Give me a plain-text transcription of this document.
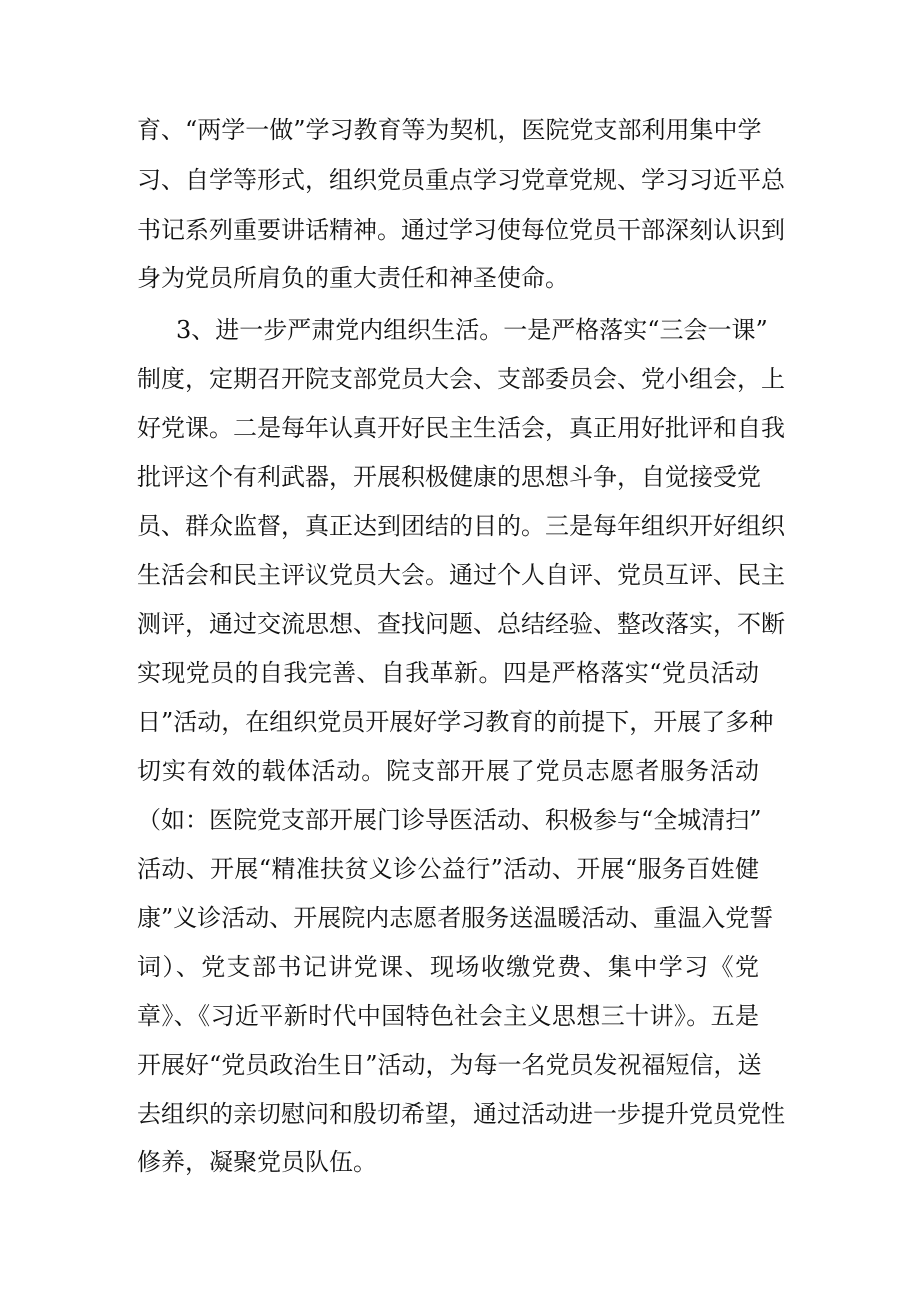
育、“两学一做”学习教育等为契机，医院党支部利用集中学
习、自学等形式，组织党员重点学习党章党规、学习习近平总
书记系列重要讲话精神。通过学习使每位党员干部深刻认识到
身为党员所肩负的重大责任和神圣使命。
3、进一步严肃党内组织生活。一是严格落实“三会一课”
制度，定期召开院支部党员大会、支部委员会、党小组会，上
好党课。二是每年认真开好民主生活会，真正用好批评和自我
批评这个有利武器，开展积极健康的思想斗争，自觉接受党
员、群众监督，真正达到团结的目的。三是每年组织开好组织
生活会和民主评议党员大会。通过个人自评、党员互评、民主
测评，通过交流思想、查找问题、总结经验、整改落实，不断
实现党员的自我完善、自我革新。四是严格落实“党员活动
日”活动，在组织党员开展好学习教育的前提下，开展了多种
切实有效的载体活动。院支部开展了党员志愿者服务活动
（如：医院党支部开展门诊导医活动、积极参与“全城清扫”
活动、开展“精准扶贫义诊公益行”活动、开展“服务百姓健
康”义诊活动、开展院内志愿者服务送温暖活动、重温入党誓
词）、党支部书记讲党课、现场收缴党费、集中学习《党
章》、《习近平新时代中国特色社会主义思想三十讲》。五是
开展好“党员政治生日”活动，为每一名党员发祝福短信，送
去组织的亲切慰问和殷切希望，通过活动进一步提升党员党性
修养，凝聚党员队伍。
